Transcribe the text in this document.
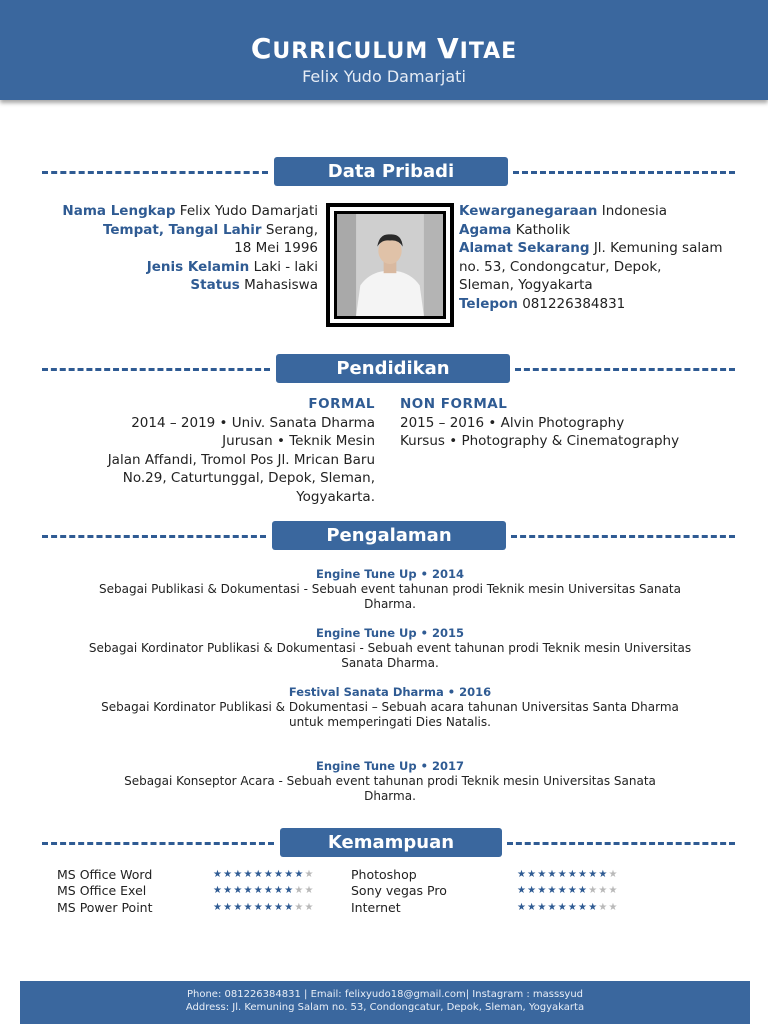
CURRICULUM VITAE
Felix Yudo Damarjati
Data Pribadi
Nama Lengkap Felix Yudo Damarjati
Tempat, Tangal Lahir Serang,
18 Mei 1996
Jenis Kelamin Laki - laki
Status Mahasiswa
Kewarganegaraan Indonesia
Agama Katholik
Alamat Sekarang Jl. Kemuning salam
no. 53, Condongcatur, Depok,
Sleman, Yogyakarta
Telepon 081226384831
Pendidikan
FORMAL
2014 – 2019 • Univ. Sanata Dharma
Jurusan • Teknik Mesin
Jalan Affandi, Tromol Pos Jl. Mrican Baru
No.29, Caturtunggal, Depok, Sleman,
Yogyakarta.
NON FORMAL
2015 – 2016 • Alvin Photography
Kursus • Photography & Cinematography
Pengalaman
Engine Tune Up • 2014
Sebagai Publikasi & Dokumentasi - Sebuah event tahunan prodi Teknik mesin Universitas Sanata
Dharma.
Engine Tune Up • 2015
Sebagai Kordinator Publikasi & Dokumentasi - Sebuah event tahunan prodi Teknik mesin Universitas
Sanata Dharma.
Festival Sanata Dharma • 2016
Sebagai Kordinator Publikasi & Dokumentasi – Sebuah acara tahunan Universitas Santa Dharma
untuk memperingati Dies Natalis.
Engine Tune Up • 2017
Sebagai Konseptor Acara - Sebuah event tahunan prodi Teknik mesin Universitas Sanata
Dharma.
Kemampuan
MS Office Word
MS Office Exel
MS Power Point
★★★★★★★★★★
★★★★★★★★★★
★★★★★★★★★★
Photoshop
Sony vegas Pro
Internet
★★★★★★★★★★
★★★★★★★★★★
★★★★★★★★★★
Phone: 081226384831 | Email: felixyudo18@gmail.com| Instagram : masssyud
Address: Jl. Kemuning Salam no. 53, Condongcatur, Depok, Sleman, Yogyakarta
